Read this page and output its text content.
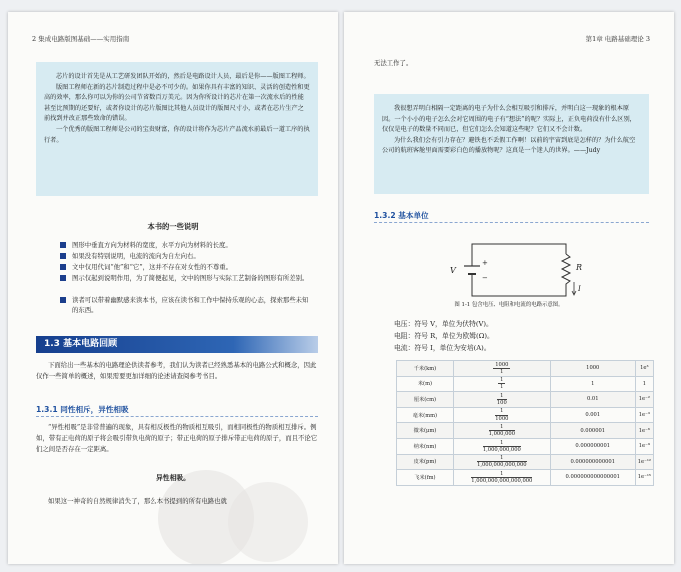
2 集成电路版图基础——实用指南

芯片的设计首先是从工艺研发团队开始的，然后是电路设计人员，最后是你——版图工程师。

版图工程师在新的芯片制造过程中是必不可少的。如果你具有丰富的知识、灵活的创造性和更高的效率，那么你可以为你的公司节省数百万美元。因为你所设计的芯片在第一次流水后的性能甚至比预期的还要好，或者你设计的芯片版图比其他人员设计的版图尺寸小，或者在芯片生产之前找到并改正那些致命的错误。

一个优秀的版图工程师是公司的宝贵财富，你的设计将作为芯片产品流水前最后一道工序的执行者。

本书的一些说明
图形中垂直方向为材料的宽度，水平方向为材料的长度。
如果没有特别说明，电流的流向为自左向右。
文中仅用代词“他”和“它”，这并不存在对女性的不尊重。
图示仅起到说明作用，为了简便起见，文中的图形与实际工艺制备的图形有所差别。
读者可以带着幽默感来读本书，应该在读书和工作中保持乐观的心态，探索那些未知的东西。
1.3 基本电路回顾

下面给出一些基本的电路理论供读者参考，我们认为读者已经熟悉基本的电路公式和概念，因此仅作一些简单的概述，如果需要更加详细的论述请查阅参考书目。

1.3.1 同性相斥，异性相吸

“异性相吸”是非常普遍的现象，具有相反极性的物质相互吸引，而相同极性的物质相互排斥。例如，带有正电荷的原子将会吸引带负电荷的原子；带正电荷的原子排斥带正电荷的原子，而且不论它们之间是否存在一定距离。

异性相吸。

如果这一神奇的自然规律消失了，那么本书提到的所有电路也就

第1章 电路基础理论 3

无法工作了。

我很想弄明白相隔一定距离的电子为什么会相互吸引和排斥，并明白这一现象的根本原因。一个小小的电子怎么会对它周围的电子有“想法”的呢？实际上，正负电荷没有什么区别，仅仅是电子的数量不同而已，但它们怎么会知道这些呢？它们又不会计数。

为什么我们会有引力存在？避铁也不丢假工作啊！以前的宇宙到底是怎样的？为什么航空公司的航班客舱里面需要彩白色的播放物呢？这真是一个迷人的世界。——Judy

1.3.2 基本单位
V
+
−
R
I
图 1-1 包含电压、电阻和电流的电路示意图。
电压：符号 V，单位为伏特(V)。
电阻：符号 R，单位为欧姆(Ω)。
电流：符号 I，单位为安培(A)。
千米(km)	$\frac{1000}{1}$	1000	1e³
米(m)	$\frac{1}{1}$	1	1
厘米(cm)	$\frac{1}{100}$	0.01	1e⁻²
毫米(mm)	$\frac{1}{1000}$	0.001	1e⁻³
微米(μm)	$\frac{1}{1,000,000}$	0.000001	1e⁻⁶
纳米(nm)	$\frac{1}{1,000,000,000}$	0.000000001	1e⁻⁹
皮米(pm)	$\frac{1}{1,000,000,000,000}$	0.000000000001	1e⁻¹²
飞米(fm)	$\frac{1}{1,000,000,000,000,000}$	0.000000000000001	1e⁻¹⁵
